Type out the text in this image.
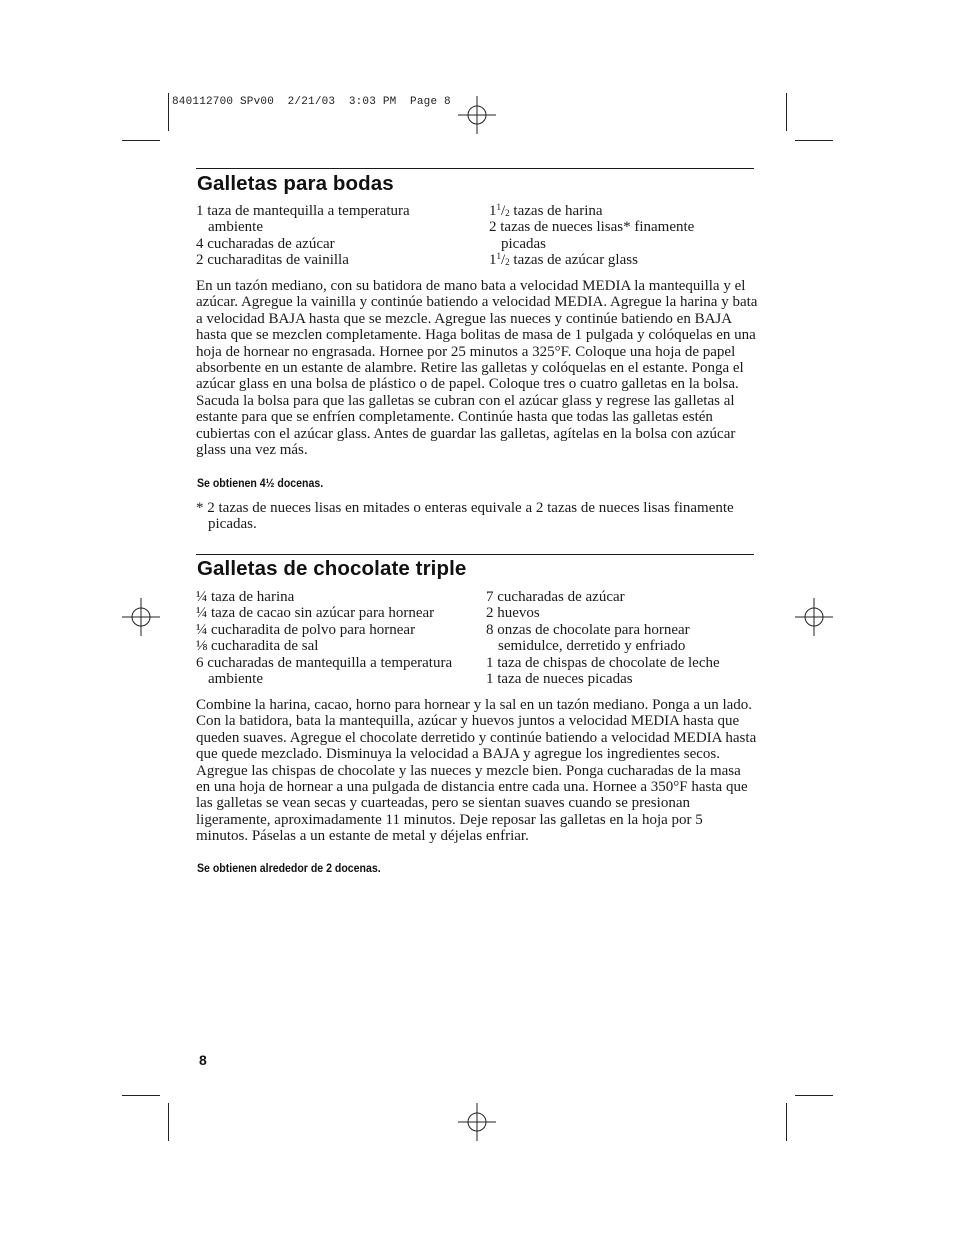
840112700 SPv00  2/21/03  3:03 PM  Page 8
Galletas para bodas
1 taza de mantequilla a temperatura ambiente
4 cucharadas de azúcar
2 cucharaditas de vainilla
$1^1/_2$ tazas de harina
2 tazas de nueces lisas* finamente picadas
$1^1/_2$ tazas de azúcar glass

En un tazón mediano, con su batidora de mano bata a velocidad MEDIA la mantequilla y el azúcar. Agregue la vainilla y continúe batiendo a velocidad MEDIA. Agregue la harina y bata a velocidad BAJA hasta que se mezcle. Agregue las nueces y continúe batiendo en BAJA hasta que se mezclen completamente. Haga bolitas de masa de 1 pulgada y colóquelas en una hoja de hornear no engrasada. Hornee por 25 minutos a 325°F. Coloque una hoja de papel absorbente en un estante de alambre. Retire las galletas y colóquelas en el estante. Ponga el azúcar glass en una bolsa de plástico o de papel. Coloque tres o cuatro galletas en la bolsa. Sacuda la bolsa para que las galletas se cubran con el azúcar glass y regrese las galletas al estante para que se enfríen completamente. Continúe hasta que todas las galletas estén cubiertas con el azúcar glass. Antes de guardar las galletas, agítelas en la bolsa con azúcar glass una vez más.

Se obtienen 4½ docenas.

* 2 tazas de nueces lisas en mitades o enteras equivale a 2 tazas de nueces lisas finamente picadas.

Galletas de chocolate triple
¼ taza de harina
¼ taza de cacao sin azúcar para hornear
¼ cucharadita de polvo para hornear
⅛ cucharadita de sal
6 cucharadas de mantequilla a temperatura ambiente
7 cucharadas de azúcar
2 huevos
8 onzas de chocolate para hornear semidulce, derretido y enfriado
1 taza de chispas de chocolate de leche
1 taza de nueces picadas

Combine la harina, cacao, horno para hornear y la sal en un tazón mediano. Ponga a un lado. Con la batidora, bata la mantequilla, azúcar y huevos juntos a velocidad MEDIA hasta que queden suaves. Agregue el chocolate derretido y continúe batiendo a velocidad MEDIA hasta que quede mezclado. Disminuya la velocidad a BAJA y agregue los ingredientes secos. Agregue las chispas de chocolate y las nueces y mezcle bien. Ponga cucharadas de la masa en una hoja de hornear a una pulgada de distancia entre cada una. Hornee a 350°F hasta que las galletas se vean secas y cuarteadas, pero se sientan suaves cuando se presionan ligeramente, aproximadamente 11 minutos. Deje reposar las galletas en la hoja por 5 minutos. Páselas a un estante de metal y déjelas enfriar.

Se obtienen alrededor de 2 docenas.

8
